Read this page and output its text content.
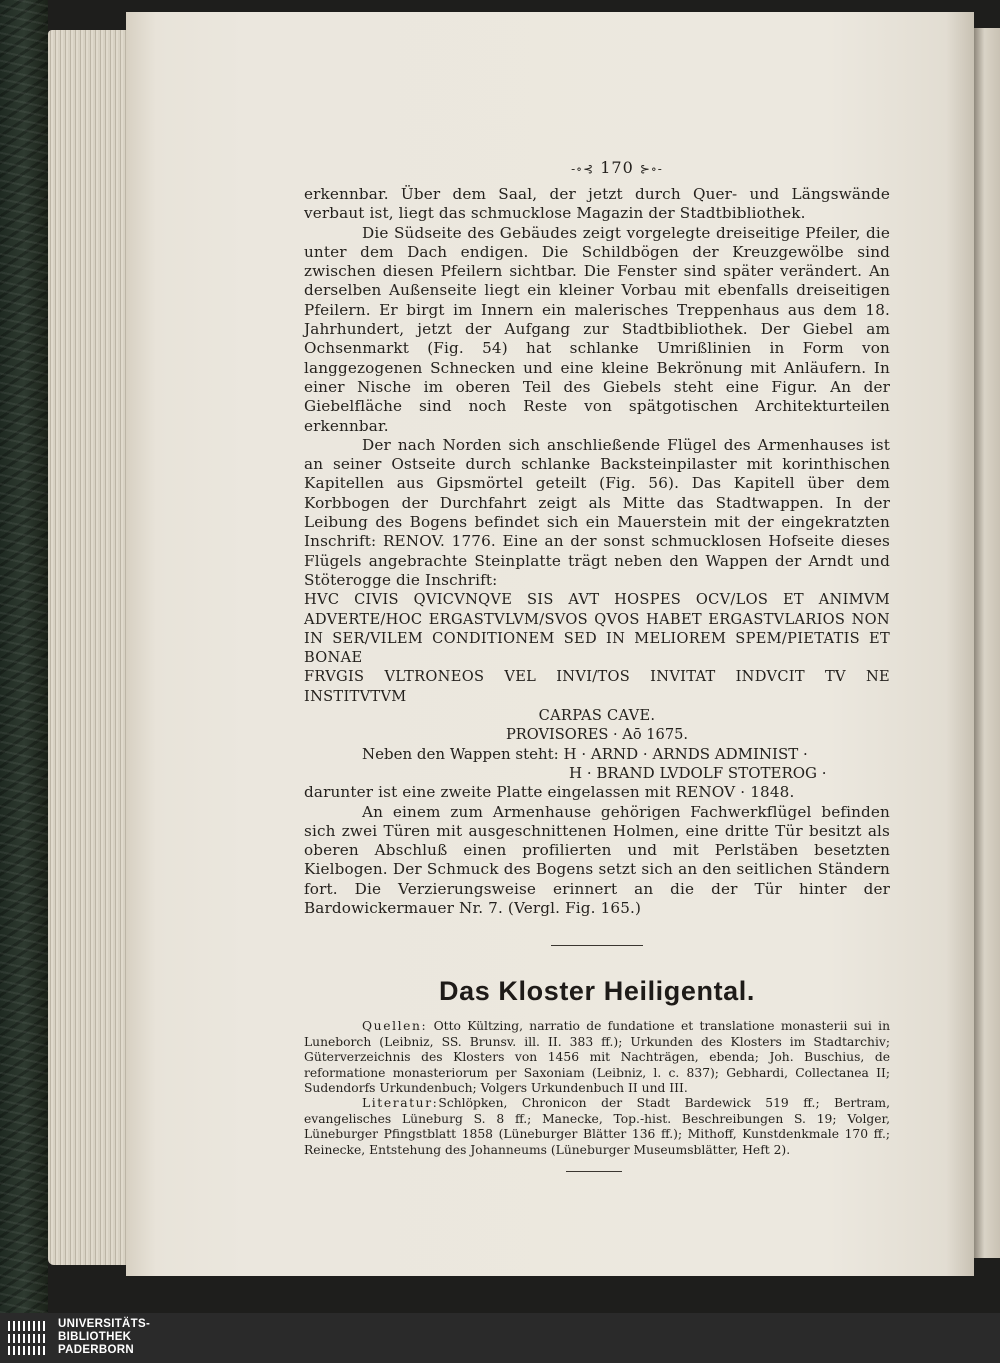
-∘⊰ 170 ⊱∘-

erkennbar. Über dem Saal, der jetzt durch Quer- und Längswände verbaut ist, liegt das schmucklose Magazin der Stadtbibliothek.

Die Südseite des Gebäudes zeigt vorgelegte dreiseitige Pfeiler, die unter dem Dach endigen. Die Schildbögen der Kreuzgewölbe sind zwischen diesen Pfeilern sichtbar. Die Fenster sind später verändert. An derselben Außenseite liegt ein kleiner Vorbau mit ebenfalls dreiseitigen Pfeilern. Er birgt im Innern ein malerisches Treppenhaus aus dem 18. Jahrhundert, jetzt der Aufgang zur Stadtbibliothek. Der Giebel am Ochsenmarkt (Fig. 54) hat schlanke Umrißlinien in Form von langgezogenen Schnecken und eine kleine Bekrönung mit Anläufern. In einer Nische im oberen Teil des Giebels steht eine Figur. An der Giebelfläche sind noch Reste von spätgotischen Architekturteilen erkennbar.

Der nach Norden sich anschließende Flügel des Armenhauses ist an seiner Ostseite durch schlanke Backsteinpilaster mit korinthischen Kapitellen aus Gipsmörtel geteilt (Fig. 56). Das Kapitell über dem Korbbogen der Durchfahrt zeigt als Mitte das Stadtwappen. In der Leibung des Bogens befindet sich ein Mauerstein mit der eingekratzten Inschrift: RENOV. 1776. Eine an der sonst schmucklosen Hofseite dieses Flügels angebrachte Steinplatte trägt neben den Wappen der Arndt und Stöterogge die Inschrift:

HVC CIVIS QVICVNQVE SIS AVT HOSPES OCV/LOS ET ANIMVM

ADVERTE/HOC ERGASTVLVM/SVOS QVOS HABET ERGASTVLARIOS NON

IN SER/VILEM CONDITIONEM SED IN MELIOREM SPEM/PIETATIS ET BONAE

FRVGIS VLTRONEOS VEL INVI/TOS INVITAT INDVCIT TV NE INSTITVTVM

CARPAS CAVE.

PROVISORES · Aō 1675.

Neben den Wappen steht: H · ARND · ARNDS ADMINIST ·

H · BRAND LVDOLF STOTEROG ·

darunter ist eine zweite Platte eingelassen mit RENOV · 1848.

An einem zum Armenhause gehörigen Fachwerkflügel befinden sich zwei Türen mit ausgeschnittenen Holmen, eine dritte Tür besitzt als oberen Abschluß einen profilierten und mit Perlstäben besetzten Kielbogen. Der Schmuck des Bogens setzt sich an den seitlichen Ständern fort. Die Verzierungsweise erinnert an die der Tür hinter der Bardowickermauer Nr. 7. (Vergl. Fig. 165.)

Das Kloster Heiligental.

Quellen: Otto Kültzing, narratio de fundatione et translatione monasterii sui in Luneborch (Leibniz, SS. Brunsv. ill. II. 383 ff.); Urkunden des Klosters im Stadtarchiv; Güterverzeichnis des Klosters von 1456 mit Nachträgen, ebenda; Joh. Buschius, de reformatione monasteriorum per Saxoniam (Leibniz, l. c. 837); Gebhardi, Collectanea II; Sudendorfs Urkundenbuch; Volgers Urkundenbuch II und III.

Literatur:Schlöpken, Chronicon der Stadt Bardewick 519 ff.; Bertram, evangelisches Lüneburg S. 8 ff.; Manecke, Top.-hist. Beschreibungen S. 19; Volger, Lüneburger Pfingstblatt 1858 (Lüneburger Blätter 136 ff.); Mithoff, Kunstdenkmale 170 ff.; Reinecke, Entstehung des Johanneums (Lüneburger Museumsblätter, Heft 2).

UNIVERSITÄTS-
BIBLIOTHEK
PADERBORN
